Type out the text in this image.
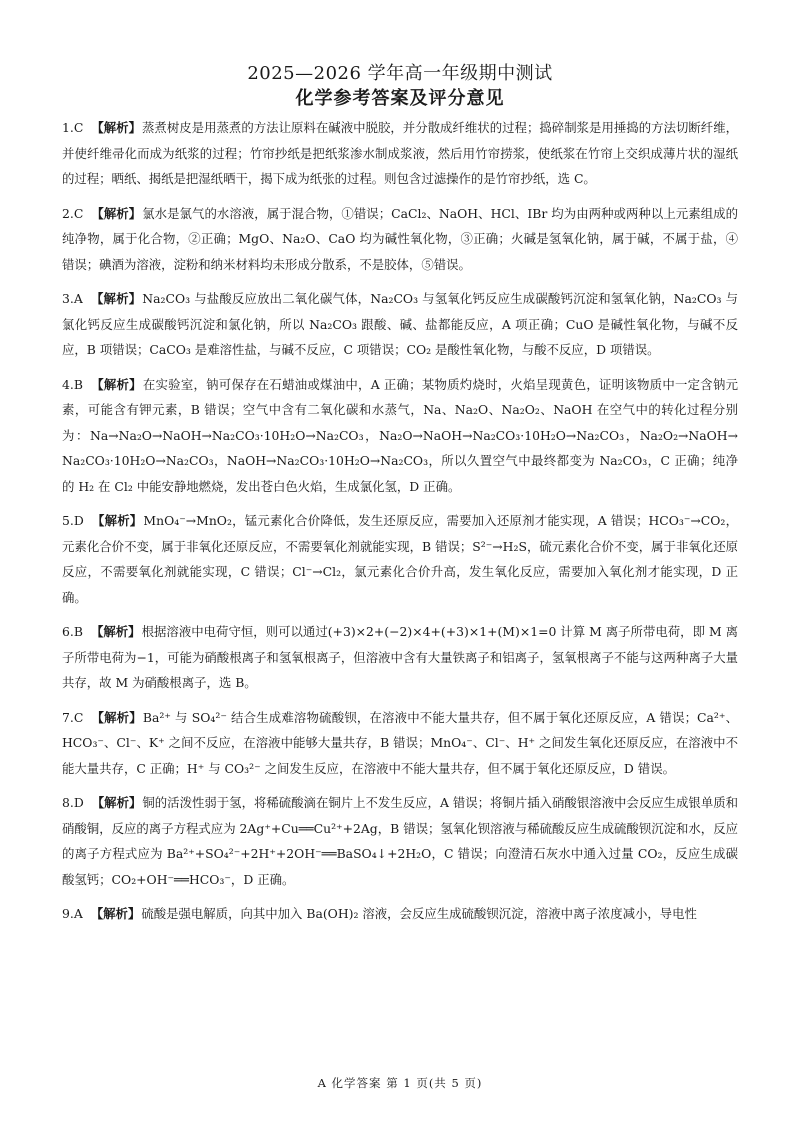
2025—2026 学年高一年级期中测试
化学参考答案及评分意见
1.C 【解析】蒸煮树皮是用蒸煮的方法让原料在碱液中脱胶，并分散成纤维状的过程；捣碎制浆是用捶捣的方法切断纤维，并使纤维帚化而成为纸浆的过程；竹帘抄纸是把纸浆渗水制成浆液，然后用竹帘捞浆，使纸浆在竹帘上交织成薄片状的湿纸的过程；晒纸、揭纸是把湿纸晒干，揭下成为纸张的过程。则包含过滤操作的是竹帘抄纸，选 C。
2.C 【解析】氯水是氯气的水溶液，属于混合物，①错误；CaCl₂、NaOH、HCl、IBr 均为由两种或两种以上元素组成的纯净物，属于化合物，②正确；MgO、Na₂O、CaO 均为碱性氧化物，③正确；火碱是氢氧化钠，属于碱，不属于盐，④错误；碘酒为溶液，淀粉和纳米材料均未形成分散系，不是胶体，⑤错误。
3.A 【解析】Na₂CO₃ 与盐酸反应放出二氧化碳气体，Na₂CO₃ 与氢氧化钙反应生成碳酸钙沉淀和氢氧化钠，Na₂CO₃ 与氯化钙反应生成碳酸钙沉淀和氯化钠，所以 Na₂CO₃ 跟酸、碱、盐都能反应，A 项正确；CuO 是碱性氧化物，与碱不反应，B 项错误；CaCO₃ 是难溶性盐，与碱不反应，C 项错误；CO₂ 是酸性氧化物，与酸不反应，D 项错误。
4.B 【解析】在实验室，钠可保存在石蜡油或煤油中，A 正确；某物质灼烧时，火焰呈现黄色，证明该物质中一定含钠元素，可能含有钾元素，B 错误；空气中含有二氧化碳和水蒸气，Na、Na₂O、Na₂O₂、NaOH 在空气中的转化过程分别为：Na→Na₂O→NaOH→Na₂CO₃·10H₂O→Na₂CO₃，Na₂O→NaOH→Na₂CO₃·10H₂O→Na₂CO₃，Na₂O₂→NaOH→Na₂CO₃·10H₂O→Na₂CO₃，NaOH→Na₂CO₃·10H₂O→Na₂CO₃，所以久置空气中最终都变为 Na₂CO₃，C 正确；纯净的 H₂ 在 Cl₂ 中能安静地燃烧，发出苍白色火焰，生成氯化氢，D 正确。
5.D 【解析】MnO₄⁻→MnO₂，锰元素化合价降低，发生还原反应，需要加入还原剂才能实现，A 错误；HCO₃⁻→CO₂，元素化合价不变，属于非氧化还原反应，不需要氧化剂就能实现，B 错误；S²⁻→H₂S，硫元素化合价不变，属于非氧化还原反应，不需要氧化剂就能实现，C 错误；Cl⁻→Cl₂，氯元素化合价升高，发生氧化反应，需要加入氧化剂才能实现，D 正确。
6.B 【解析】根据溶液中电荷守恒，则可以通过(+3)×2+(−2)×4+(+3)×1+(M)×1=0 计算 M 离子所带电荷，即 M 离子所带电荷为−1，可能为硝酸根离子和氢氧根离子，但溶液中含有大量铁离子和铝离子，氢氧根离子不能与这两种离子大量共存，故 M 为硝酸根离子，选 B。
7.C 【解析】Ba²⁺ 与 SO₄²⁻ 结合生成难溶物硫酸钡，在溶液中不能大量共存，但不属于氧化还原反应，A 错误；Ca²⁺、HCO₃⁻、Cl⁻、K⁺ 之间不反应，在溶液中能够大量共存，B 错误；MnO₄⁻、Cl⁻、H⁺ 之间发生氧化还原反应，在溶液中不能大量共存，C 正确；H⁺ 与 CO₃²⁻ 之间发生反应，在溶液中不能大量共存，但不属于氧化还原反应，D 错误。
8.D 【解析】铜的活泼性弱于氢，将稀硫酸滴在铜片上不发生反应，A 错误；将铜片插入硝酸银溶液中会反应生成银单质和硝酸铜，反应的离子方程式应为 2Ag⁺+Cu══Cu²⁺+2Ag，B 错误；氢氧化钡溶液与稀硫酸反应生成硫酸钡沉淀和水，反应的离子方程式应为 Ba²⁺+SO₄²⁻+2H⁺+2OH⁻══BaSO₄↓+2H₂O，C 错误；向澄清石灰水中通入过量 CO₂，反应生成碳酸氢钙；CO₂+OH⁻══HCO₃⁻，D 正确。
9.A 【解析】硫酸是强电解质，向其中加入 Ba(OH)₂ 溶液，会反应生成硫酸钡沉淀，溶液中离子浓度减小，导电性
A 化学答案 第 1 页(共 5 页)
